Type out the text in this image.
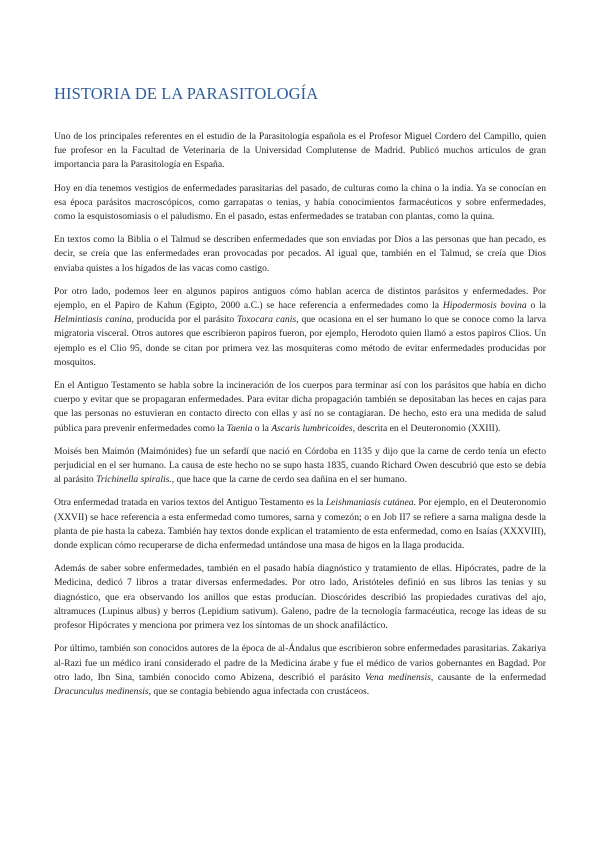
HISTORIA DE LA PARASITOLOGÍA

Uno de los principales referentes en el estudio de la Parasitología española es el Profesor Miguel Cordero del Campillo, quien fue profesor en la Facultad de Veterinaria de la Universidad Complutense de Madrid. Publicó muchos artículos de gran importancia para la Parasitología en España.

Hoy en día tenemos vestigios de enfermedades parasitarias del pasado, de culturas como la china o la india. Ya se conocían en esa época parásitos macroscópicos, como garrapatas o tenias, y había conocimientos farmacéuticos y sobre enfermedades, como la esquistosomiasis o el paludismo. En el pasado, estas enfermedades se trataban con plantas, como la quina.

En textos como la Biblia o el Talmud se describen enfermedades que son enviadas por Dios a las personas que han pecado, es decir, se creía que las enfermedades eran provocadas por pecados. Al igual que, también en el Talmud, se creía que Dios enviaba quistes a los hígados de las vacas como castigo.

Por otro lado, podemos leer en algunos papiros antiguos cómo hablan acerca de distintos parásitos y enfermedades. Por ejemplo, en el Papiro de Kahun (Egipto, 2000 a.C.) se hace referencia a enfermedades como la Hipodermosis bovina o la Helmintiasis canina, producida por el parásito Toxocara canis, que ocasiona en el ser humano lo que se conoce como la larva migratoria visceral. Otros autores que escribieron papiros fueron, por ejemplo, Herodoto quien llamó a estos papiros Clios. Un ejemplo es el Clio 95, donde se citan por primera vez las mosquiteras como método de evitar enfermedades producidas por mosquitos.

En el Antiguo Testamento se habla sobre la incineración de los cuerpos para terminar así con los parásitos que había en dicho cuerpo y evitar que se propagaran enfermedades. Para evitar dicha propagación también se depositaban las heces en cajas para que las personas no estuvieran en contacto directo con ellas y así no se contagiaran. De hecho, esto era una medida de salud pública para prevenir enfermedades como la Taenia o la Ascaris lumbricoides, descrita en el Deuteronomio (XXIII).

Moisés ben Maimón (Maimónides) fue un sefardí que nació en Córdoba en 1135 y dijo que la carne de cerdo tenía un efecto perjudicial en el ser humano. La causa de este hecho no se supo hasta 1835, cuando Richard Owen descubrió que esto se debía al parásito Trichinella spiralis., que hace que la carne de cerdo sea dañina en el ser humano.

Otra enfermedad tratada en varios textos del Antiguo Testamento es la Leishmaniasis cutánea. Por ejemplo, en el Deuteronomio (XXVII) se hace referencia a esta enfermedad como tumores, sarna y comezón; o en Job II7 se refiere a sarna maligna desde la planta de pie hasta la cabeza. También hay textos donde explican el tratamiento de esta enfermedad, como en Isaías (XXXVIII), donde explican cómo recuperarse de dicha enfermedad untándose una masa de higos en la llaga producida.

Además de saber sobre enfermedades, también en el pasado había diagnóstico y tratamiento de ellas. Hipócrates, padre de la Medicina, dedicó 7 libros a tratar diversas enfermedades. Por otro lado, Aristóteles definió en sus libros las tenias y su diagnóstico, que era observando los anillos que estas producían. Dioscórides describió las propiedades curativas del ajo, altramuces (Lupinus albus) y berros (Lepidium sativum). Galeno, padre de la tecnología farmacéutica, recoge las ideas de su profesor Hipócrates y menciona por primera vez los síntomas de un shock anafiláctico.

Por último, también son conocidos autores de la época de al-Ándalus que escribieron sobre enfermedades parasitarias. Zakariya al-Razi fue un médico iraní considerado el padre de la Medicina árabe y fue el médico de varios gobernantes en Bagdad. Por otro lado, Ibn Sina, también conocido como Abizena, describió el parásito Vena medinensis, causante de la enfermedad Dracunculus medinensis, que se contagia bebiendo agua infectada con crustáceos.
